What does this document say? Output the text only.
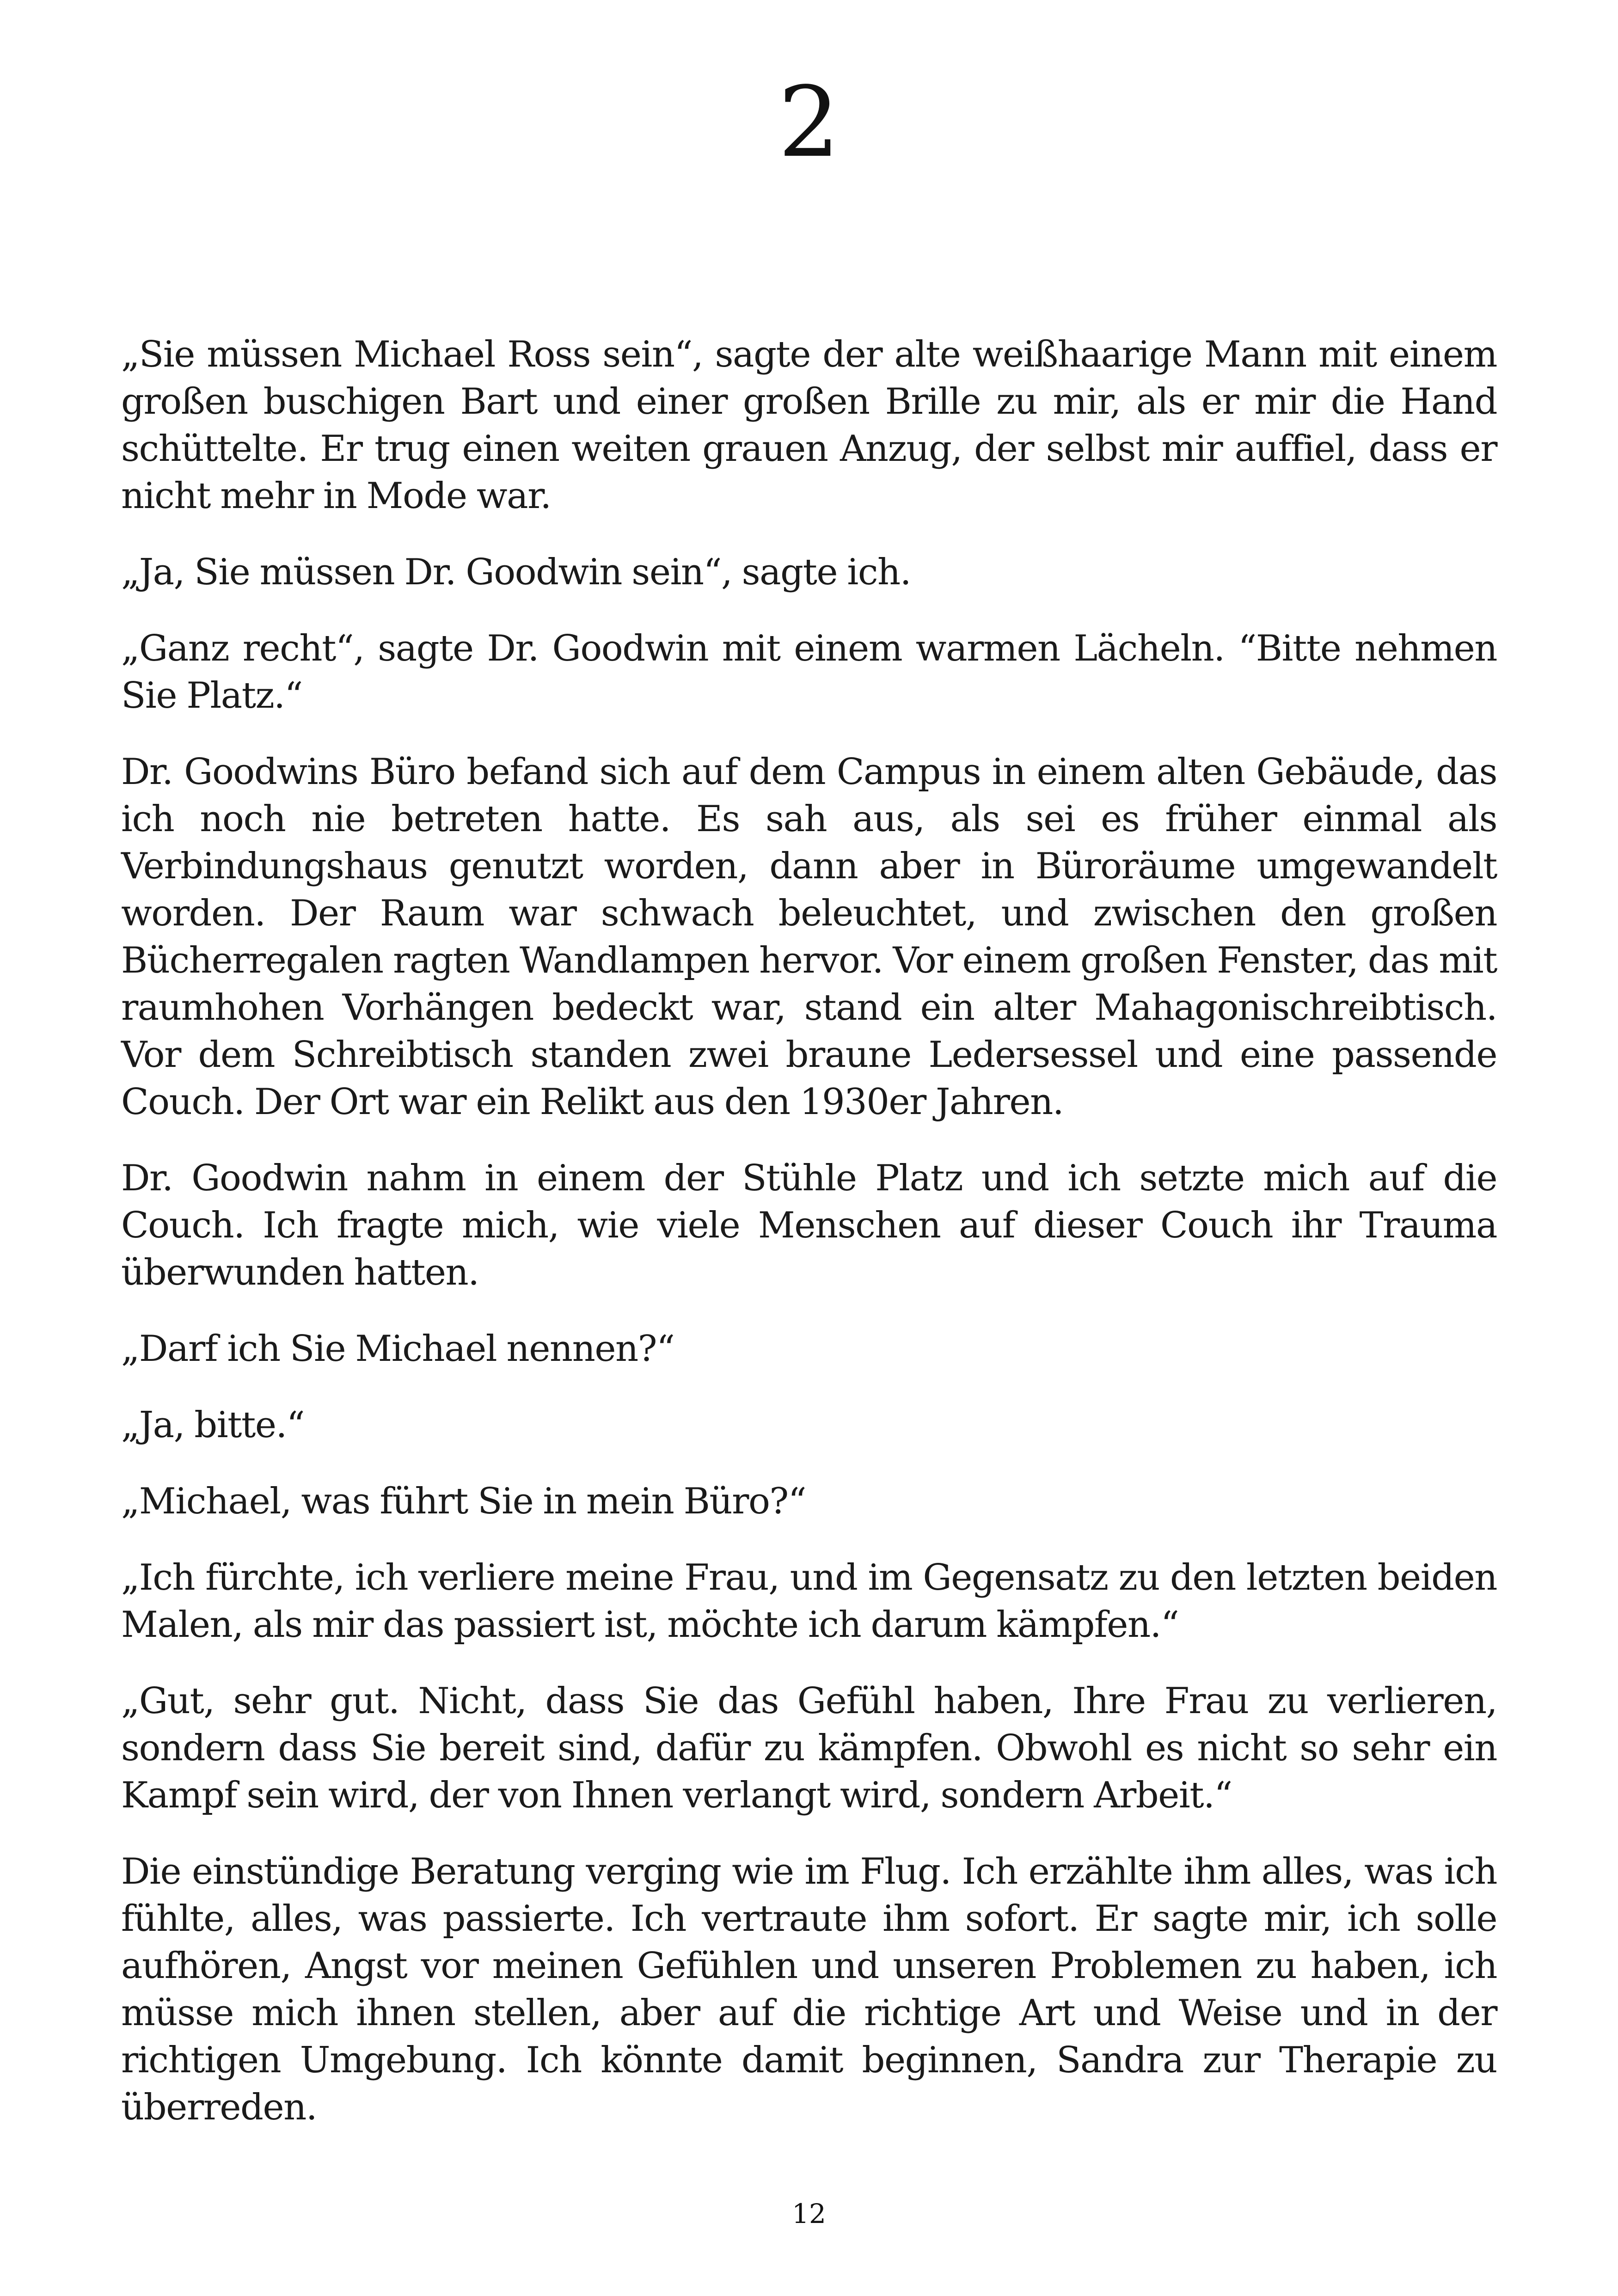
2

„Sie müssen Michael Ross sein“, sagte der alte weißhaarige Mann mit einem großen buschigen Bart und einer großen Brille zu mir, als er mir die Hand schüttelte. Er trug einen weiten grauen Anzug, der selbst mir auffiel, dass er nicht mehr in Mode war.

„Ja, Sie müssen Dr. Goodwin sein“, sagte ich.

„Ganz recht“, sagte Dr. Goodwin mit einem warmen Lächeln. “Bitte nehmen Sie Platz.“

Dr. Goodwins Büro befand sich auf dem Campus in einem alten Gebäude, das ich noch nie betreten hatte. Es sah aus, als sei es früher einmal als Verbindungshaus genutzt worden, dann aber in Büroräume umgewandelt worden. Der Raum war schwach beleuchtet, und zwischen den großen Bücherregalen ragten Wandlampen hervor. Vor einem großen Fenster, das mit raumhohen Vorhängen bedeckt war, stand ein alter Mahagonischreibtisch. Vor dem Schreibtisch standen zwei braune Ledersessel und eine passende Couch. Der Ort war ein Relikt aus den 1930er Jahren.

Dr. Goodwin nahm in einem der Stühle Platz und ich setzte mich auf die Couch. Ich fragte mich, wie viele Menschen auf dieser Couch ihr Trauma überwunden hatten.

„Darf ich Sie Michael nennen?“

„Ja, bitte.“

„Michael, was führt Sie in mein Büro?“

„Ich fürchte, ich verliere meine Frau, und im Gegensatz zu den letzten beiden Malen, als mir das passiert ist, möchte ich darum kämpfen.“

„Gut, sehr gut. Nicht, dass Sie das Gefühl haben, Ihre Frau zu verlieren, sondern dass Sie bereit sind, dafür zu kämpfen. Obwohl es nicht so sehr ein Kampf sein wird, der von Ihnen verlangt wird, sondern Arbeit.“

Die einstündige Beratung verging wie im Flug. Ich erzählte ihm alles, was ich fühlte, alles, was passierte. Ich vertraute ihm sofort. Er sagte mir, ich solle aufhören, Angst vor meinen Gefühlen und unseren Problemen zu haben, ich müsse mich ihnen stellen, aber auf die richtige Art und Weise und in der richtigen Umgebung. Ich könnte damit beginnen, Sandra zur Therapie zu überreden.

12
